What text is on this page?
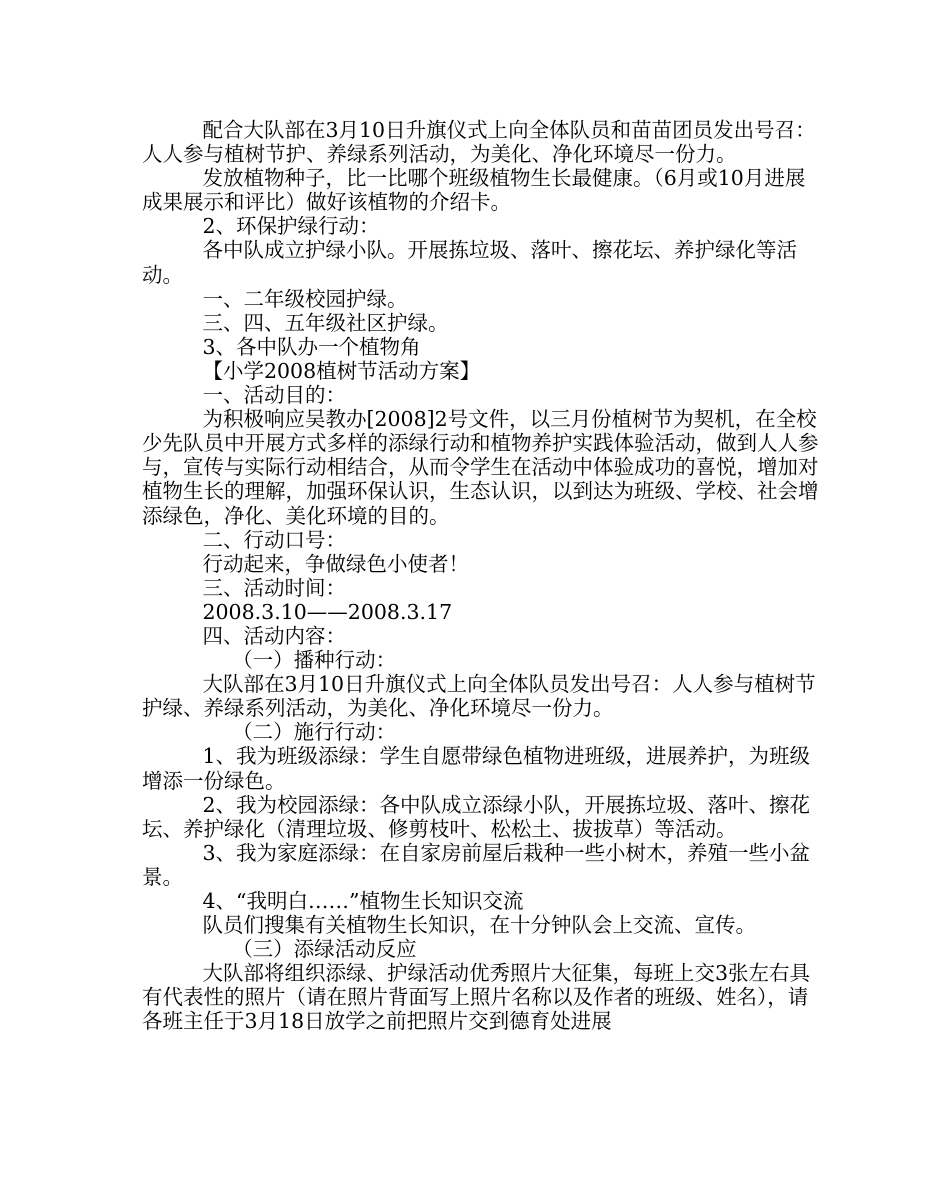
配合大队部在3月10日升旗仪式上向全体队员和苗苗团员发出号召：人人参与植树节护、养绿系列活动，为美化、净化环境尽一份力。

发放植物种子，比一比哪个班级植物生长最健康。（6月或10月进展成果展示和评比）做好该植物的介绍卡。

2、环保护绿行动：

各中队成立护绿小队。开展拣垃圾、落叶、擦花坛、养护绿化等活动。

一、二年级校园护绿。

三、四、五年级社区护绿。

3、各中队办一个植物角

【小学2008植树节活动方案】

一、活动目的：

为积极响应吴教办[2008]2号文件，以三月份植树节为契机，在全校少先队员中开展方式多样的添绿行动和植物养护实践体验活动，做到人人参与，宣传与实际行动相结合，从而令学生在活动中体验成功的喜悦，增加对植物生长的理解，加强环保认识，生态认识，以到达为班级、学校、社会增添绿色，净化、美化环境的目的。

二、行动口号：

行动起来，争做绿色小使者！

三、活动时间：

2008.3.10——2008.3.17

四、活动内容：

（一）播种行动：

大队部在3月10日升旗仪式上向全体队员发出号召：人人参与植树节护绿、养绿系列活动，为美化、净化环境尽一份力。

（二）施行行动：

1、我为班级添绿：学生自愿带绿色植物进班级，进展养护，为班级增添一份绿色。

2、我为校园添绿：各中队成立添绿小队，开展拣垃圾、落叶、擦花坛、养护绿化（清理垃圾、修剪枝叶、松松土、拔拔草）等活动。

3、我为家庭添绿：在自家房前屋后栽种一些小树木，养殖一些小盆景。

4、“我明白……”植物生长知识交流

队员们搜集有关植物生长知识，在十分钟队会上交流、宣传。

（三）添绿活动反应

大队部将组织添绿、护绿活动优秀照片大征集，每班上交3张左右具有代表性的照片（请在照片背面写上照片名称以及作者的班级、姓名），请各班主任于3月18日放学之前把照片交到德育处进展
